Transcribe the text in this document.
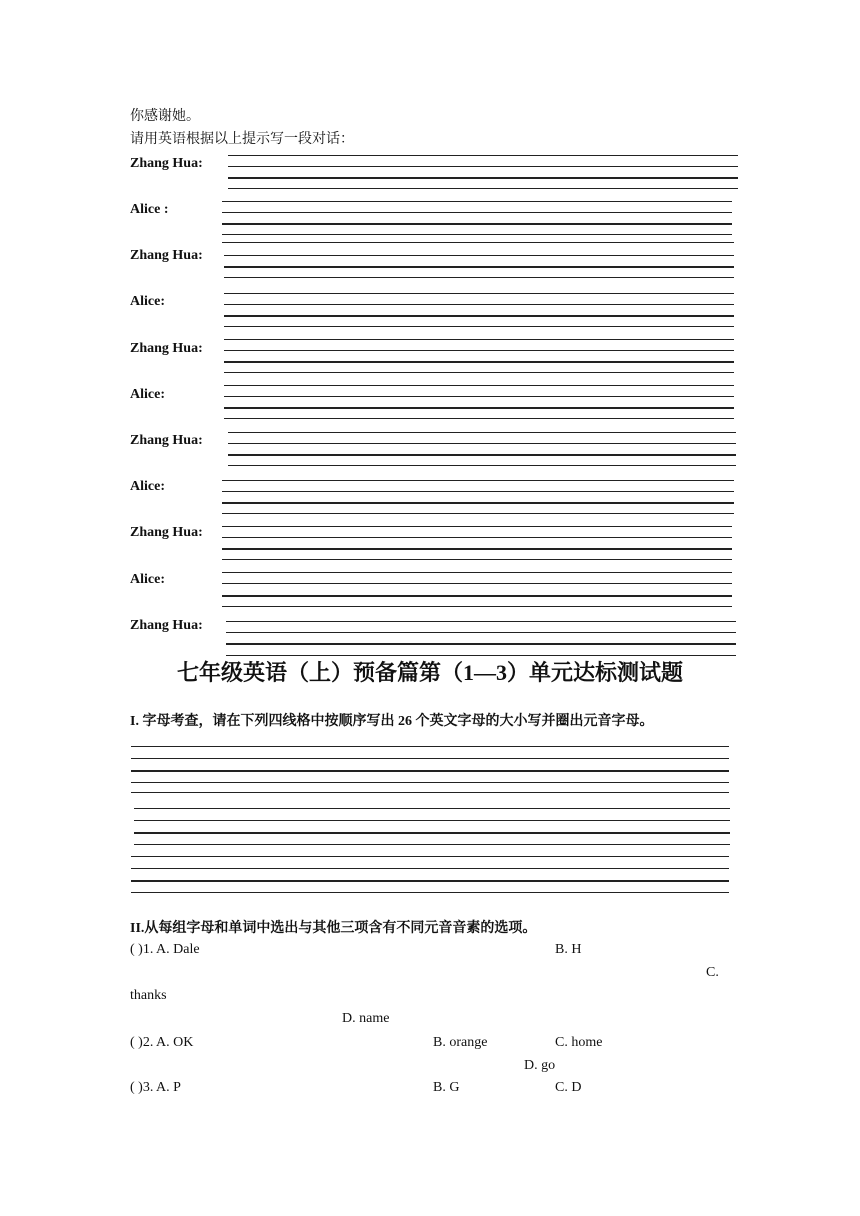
你感谢她。
请用英语根据以上提示写一段对话：
Zhang Hua:
Alice :
Zhang Hua:
Alice:
Zhang Hua:
Alice:
Zhang Hua:
Alice:
Zhang Hua:
Alice:
Zhang Hua:
七年级英语（上）预备篇第（1—3）单元达标测试题
I. 字母考查，请在下列四线格中按顺序写出 26 个英文字母的大小写并圈出元音字母。
II.从每组字母和单词中选出与其他三项含有不同元音音素的选项。
( )1. A. Dale	B. H
C.
thanks
D. name
( )2. A. OK	B. orange	C. home
D. go
( )3. A. P	B. G	C. D
